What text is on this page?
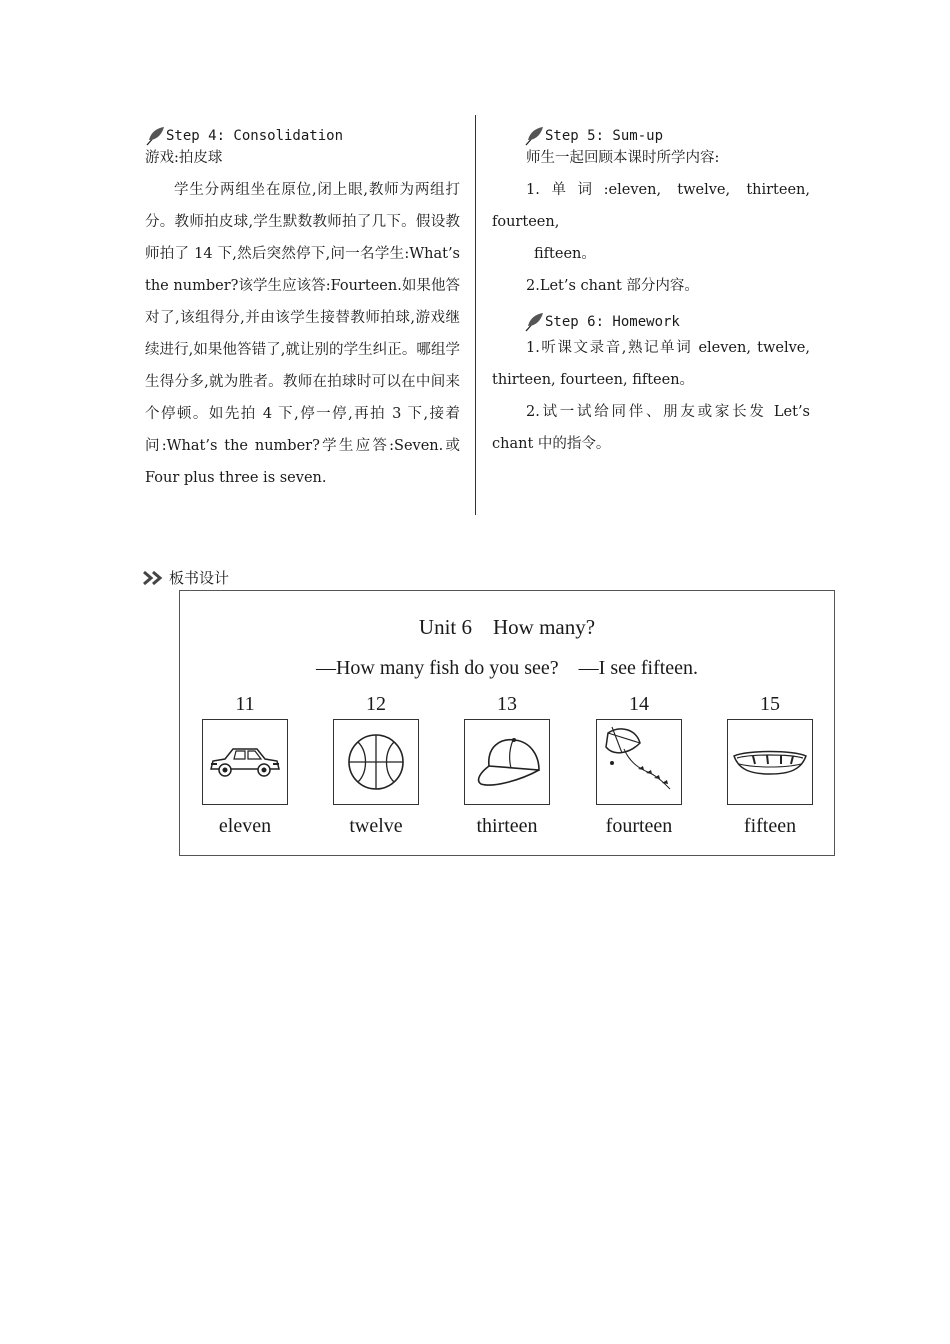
Step 4: Consolidation
游戏:拍皮球
学生分两组坐在原位,闭上眼,教师为两组打分。教师拍皮球,学生默数教师拍了几下。假设教师拍了 14 下,然后突然停下,问一名学生:What’s the number?该学生应该答:Fourteen.如果他答对了,该组得分,并由该学生接替教师拍球,游戏继续进行,如果他答错了,就让别的学生纠正。哪组学生得分多,就为胜者。教师在拍球时可以在中间来个停顿。如先拍 4 下,停一停,再拍 3 下,接着问:What’s the number?学生应答:Seven.或 Four plus three is seven.
Step 5: Sum-up
师生一起回顾本课时所学内容:
1.单词:eleven, twelve, thirteen, fourteen,
fifteen。
2.Let’s chant 部分内容。
Step 6: Homework
1.听课文录音,熟记单词 eleven, twelve, thirteen, fourteen, fifteen。
2.试一试给同伴、朋友或家长发 Let’s chant 中的指令。
板书设计
Unit 6　How many?
—How many fish do you see?　—I see fifteen.
11
eleven
12
twelve
13
thirteen
14
fourteen
15
fifteen
